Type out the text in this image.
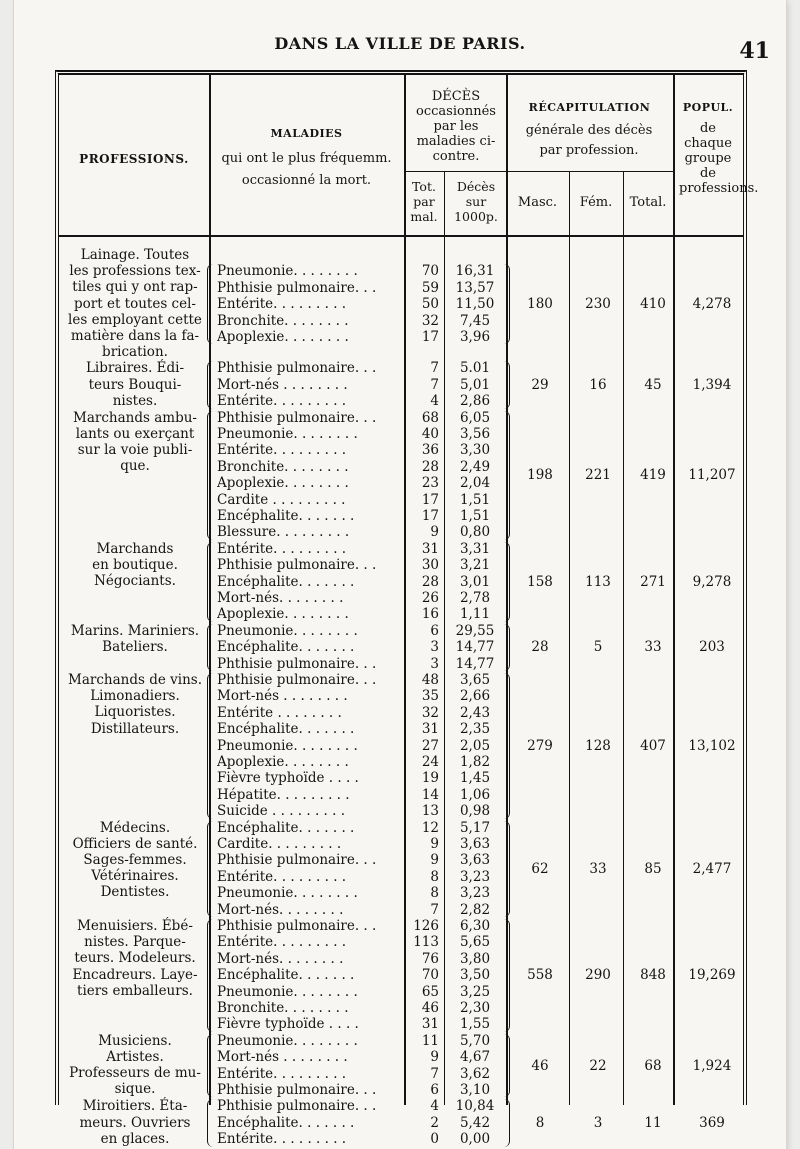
DANS LA VILLE DE PARIS.	41
PROFESSIONS.
MALADIES
qui ont le plus fréquemm.
occasionné la mort.
DÉCÈS occasionnés par les maladies ci-contre.
Tot. par mal.
Décès sur 1000p.
RÉCAPITULATION
générale des décès par profession.
Masc.	Fém.	Total.
POPUL.
de chaque groupe de professions.
Lainage. Toutes
les professions tex-
tiles qui y ont rap-
port et toutes cel-
les employant cette
matière dans la fa-
brication.
Pneumonie. . . . . . . .	70	16,31
Phthisie pulmonaire. . .	59	13,57
Entérite. . . . . . . . .	50	11,50
Bronchite. . . . . . . .	32	7,45
Apoplexie. . . . . . . .	17	3,96
180	230	410	4,278
Libraires. Édi-
teurs Bouqui-
nistes.
Phthisie pulmonaire. . .	7	5.01
Mort-nés . . . . . . . .	7	5,01
Entérite. . . . . . . . .	4	2,86
29	16	45	1,394
Marchands ambu-
lants ou exerçant
sur la voie publi-
que.
Phthisie pulmonaire. . .	68	6,05
Pneumonie. . . . . . . .	40	3,56
Entérite. . . . . . . . .	36	3,30
Bronchite. . . . . . . .	28	2,49
Apoplexie. . . . . . . .	23	2,04
Cardite . . . . . . . . .	17	1,51
Encéphalite. . . . . . .	17	1,51
Blessure. . . . . . . . .	9	0,80
198	221	419	11,207
Marchands
en boutique.
Négociants.
Entérite. . . . . . . . .	31	3,31
Phthisie pulmonaire. . .	30	3,21
Encéphalite. . . . . . .	28	3,01
Mort-nés. . . . . . . .	26	2,78
Apoplexie. . . . . . . .	16	1,11
158	113	271	9,278
Marins. Mariniers.
Bateliers.
Pneumonie. . . . . . . .	6	29,55
Encéphalite. . . . . . .	3	14,77
Phthisie pulmonaire. . .	3	14,77
28	5	33	203
Marchands de vins.
Limonadiers.
Liquoristes.
Distillateurs.
Phthisie pulmonaire. . .	48	3,65
Mort-nés . . . . . . . .	35	2,66
Entérite . . . . . . . .	32	2,43
Encéphalite. . . . . . .	31	2,35
Pneumonie. . . . . . . .	27	2,05
Apoplexie. . . . . . . .	24	1,82
Fièvre typhoïde . . . .	19	1,45
Hépatite. . . . . . . . .	14	1,06
Suicide . . . . . . . . .	13	0,98
279	128	407	13,102
Médecins.
Officiers de santé.
Sages-femmes.
Vétérinaires.
Dentistes.
Encéphalite. . . . . . .	12	5,17
Cardite. . . . . . . . .	9	3,63
Phthisie pulmonaire. . .	9	3,63
Entérite. . . . . . . . .	8	3,23
Pneumonie. . . . . . . .	8	3,23
Mort-nés. . . . . . . .	7	2,82
62	33	85	2,477
Menuisiers. Ébé-
nistes. Parque-
teurs. Modeleurs.
Encadreurs. Laye-
tiers emballeurs.
Phthisie pulmonaire. . .	126	6,30
Entérite. . . . . . . . .	113	5,65
Mort-nés. . . . . . . .	76	3,80
Encéphalite. . . . . . .	70	3,50
Pneumonie. . . . . . . .	65	3,25
Bronchite. . . . . . . .	46	2,30
Fièvre typhoïde . . . .	31	1,55
558	290	848	19,269
Musiciens.
Artistes.
Professeurs de mu-
sique.
Pneumonie. . . . . . . .	11	5,70
Mort-nés . . . . . . . .	9	4,67
Entérite. . . . . . . . .	7	3,62
Phthisie pulmonaire. . .	6	3,10
46	22	68	1,924
Miroitiers. Éta-
meurs. Ouvriers
en glaces.
Phthisie pulmonaire. . .	4	10,84
Encéphalite. . . . . . .	2	5,42
Entérite. . . . . . . . .	0	0,00
8	3	11	369
